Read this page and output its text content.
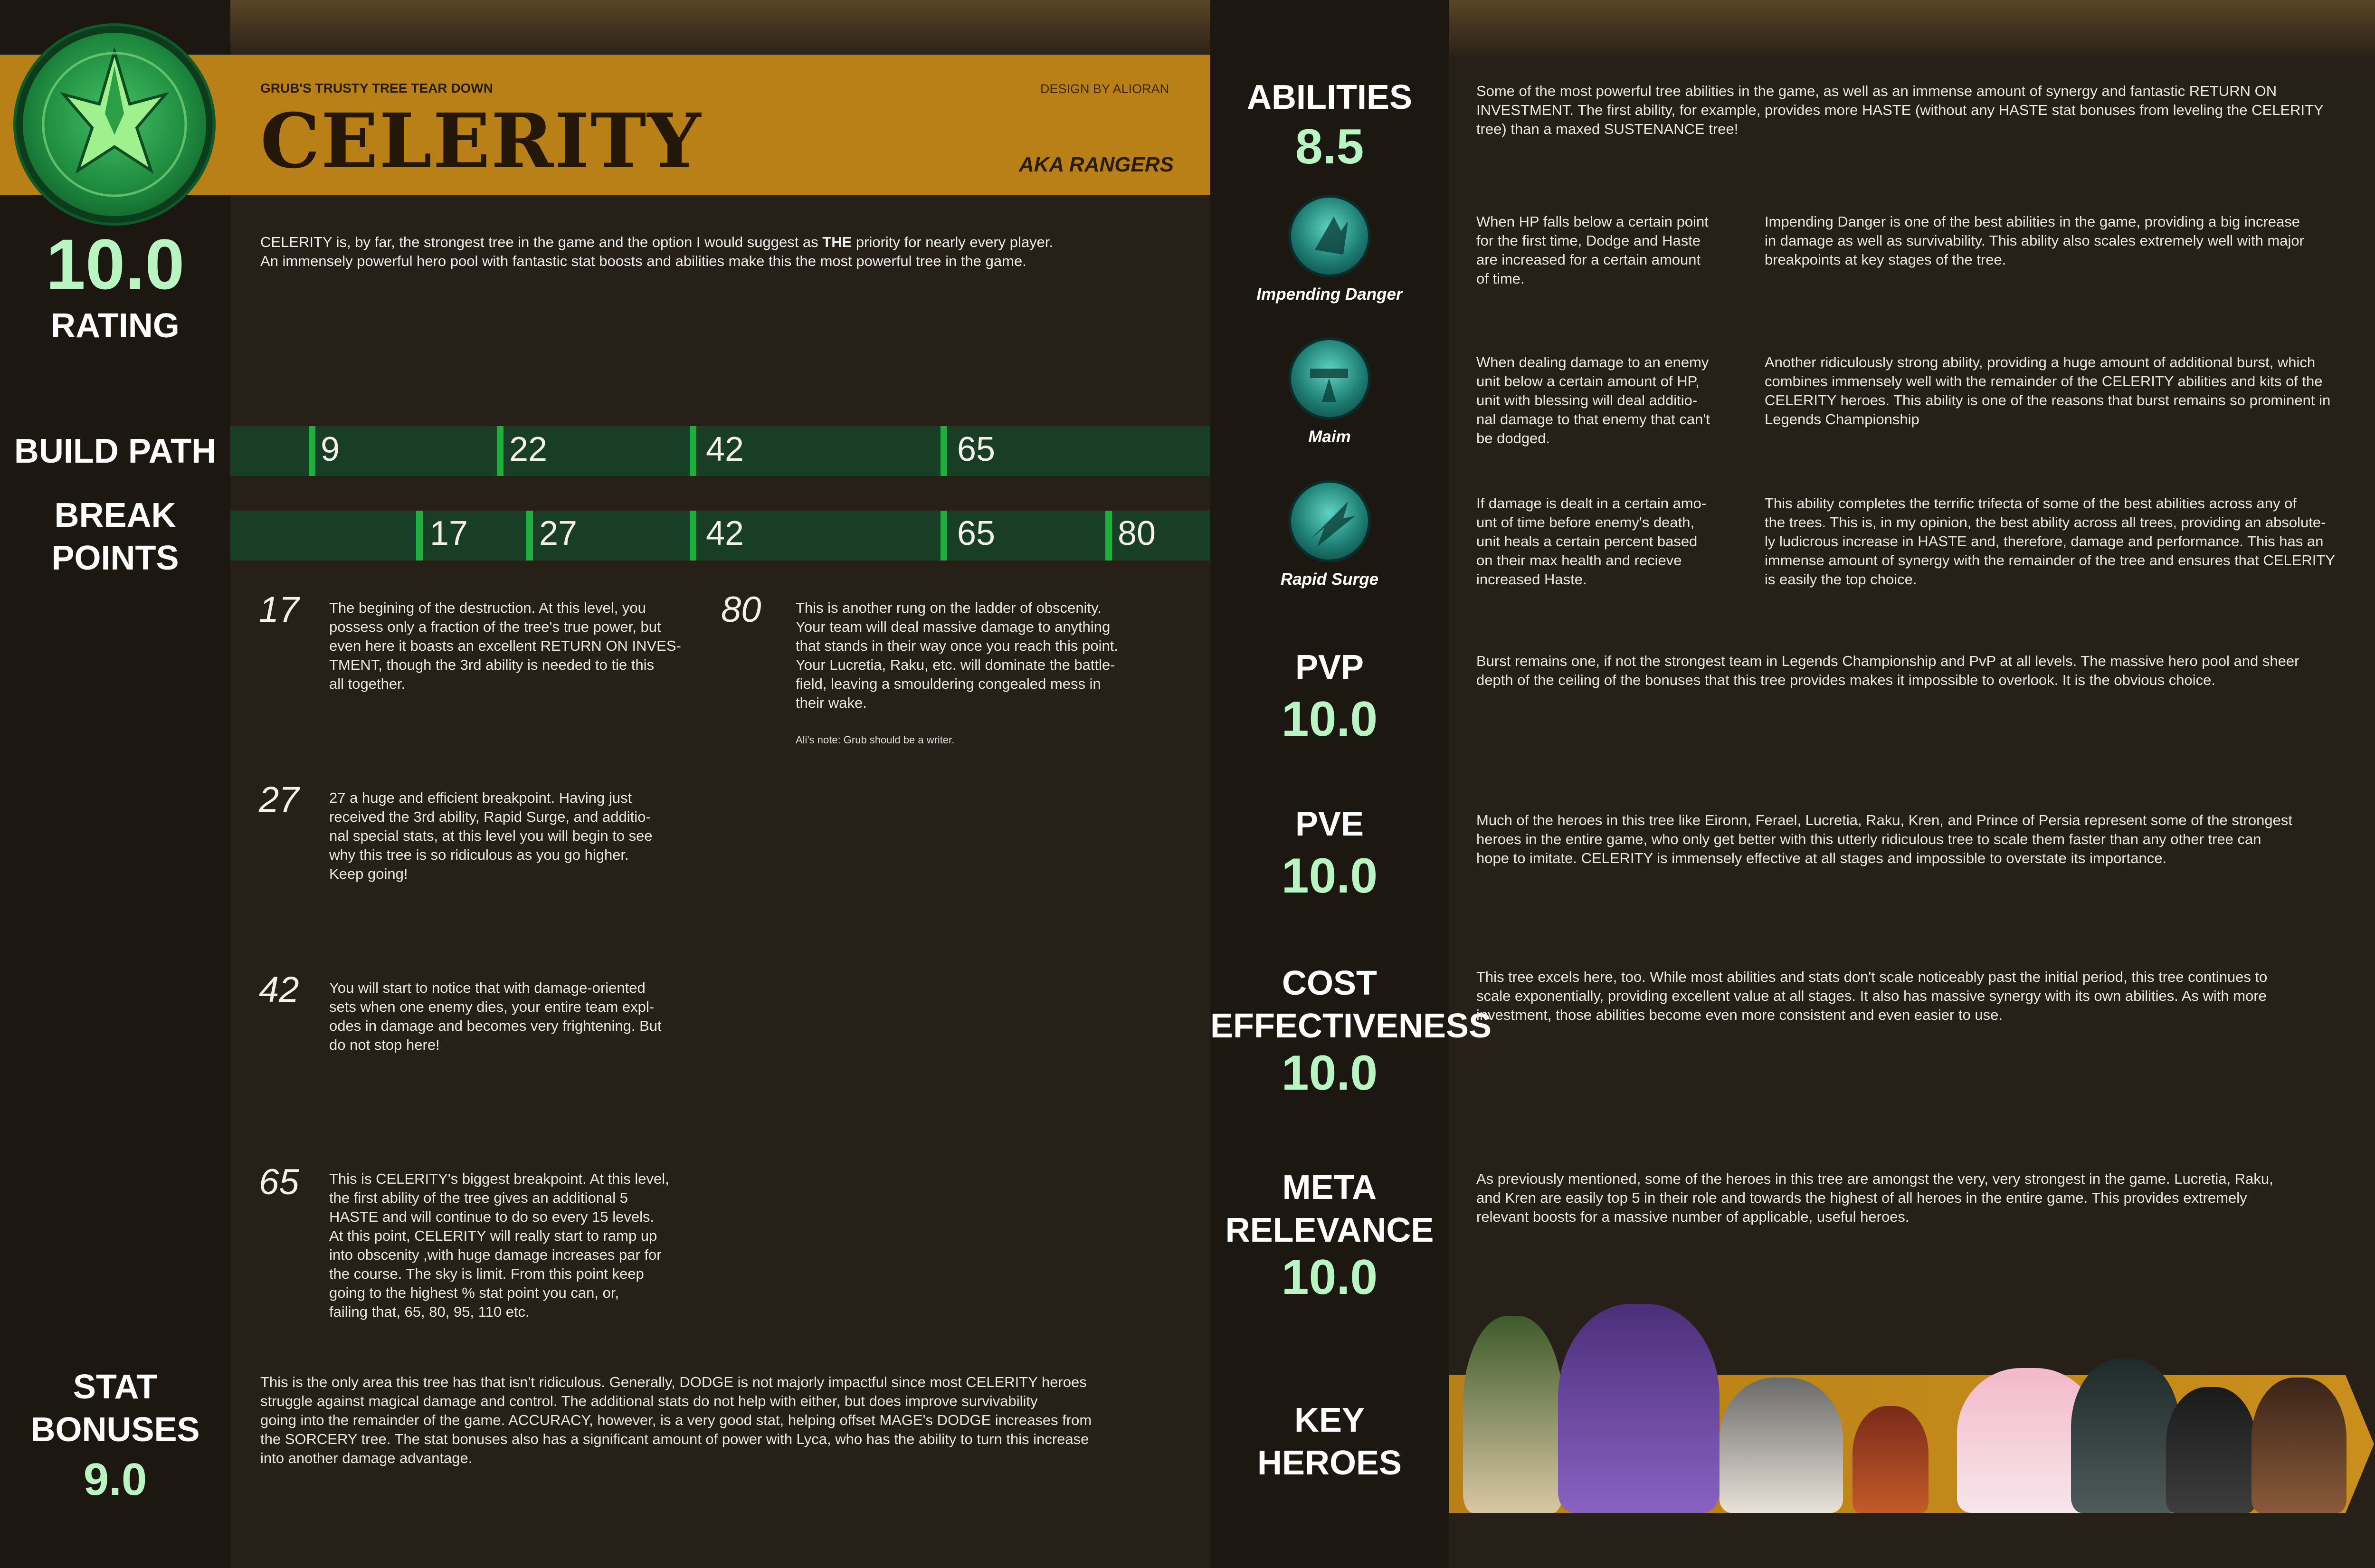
GRUB'S TRUSTY TREE TEAR DOWN	DESIGN BY ALIORAN
CELERITY	AKA RANGERS
10.0
RATING
CELERITY is, by far, the strongest tree in the game and the option I would suggest as THE priority for nearly every player.
An immensely powerful hero pool with fantastic stat boosts and abilities make this the most powerful tree in the game.
BUILD PATH	9	22	42	65
BREAK
POINTS
17 27	42	65	80
17 The begining of the destruction. At this level, you
possess only a fraction of the tree's true power, but
even here it boasts an excellent RETURN ON INVES-
TMENT, though the 3rd ability is needed to tie this
all together.
80 This is another rung on the ladder of obscenity.
Your team will deal massive damage to anything
that stands in their way once you reach this point.
Your Lucretia, Raku, etc. will dominate the battle-
field, leaving a smouldering congealed mess in
their wake.
Ali's note: Grub should be a writer.
27 27 a huge and efficient breakpoint. Having just
received the 3rd ability, Rapid Surge, and additio-
nal special stats, at this level you will begin to see
why this tree is so ridiculous as you go higher.
Keep going!
42 You will start to notice that with damage-oriented
sets when one enemy dies, your entire team expl-
odes in damage and becomes very frightening. But
do not stop here!
65 This is CELERITY's biggest breakpoint. At this level,
the first ability of the tree gives an additional 5
HASTE and will continue to do so every 15 levels.
At this point, CELERITY will really start to ramp up
into obscenity ,with huge damage increases par for
the course. The sky is limit. From this point keep
going to the highest % stat point you can, or,
failing that, 65, 80, 95, 110 etc.
STAT
BONUSES
9.0
This is the only area this tree has that isn't ridiculous. Generally, DODGE is not majorly impactful since most CELERITY heroes
struggle against magical damage and control. The additional stats do not help with either, but does improve survivability
going into the remainder of the game. ACCURACY, however, is a very good stat, helping offset MAGE's DODGE increases from
the SORCERY tree. The stat bonuses also has a significant amount of power with Lyca, who has the ability to turn this increase
into another damage advantage.
ABILITIES
8.5
Some of the most powerful tree abilities in the game, as well as an immense amount of synergy and fantastic RETURN ON
INVESTMENT. The first ability, for example, provides more HASTE (without any HASTE stat bonuses from leveling the CELERITY
tree) than a maxed SUSTENANCE tree!
Impending Danger
When HP falls below a certain point
for the first time, Dodge and Haste
are increased for a certain amount
of time.
Impending Danger is one of the best abilities in the game, providing a big increase
in damage as well as survivability. This ability also scales extremely well with major
breakpoints at key stages of the tree.
Maim
When dealing damage to an enemy
unit below a certain amount of HP,
unit with blessing will deal additio-
nal damage to that enemy that can't
be dodged.
Another ridiculously strong ability, providing a huge amount of additional burst, which
combines immensely well with the remainder of the CELERITY abilities and kits of the
CELERITY heroes. This ability is one of the reasons that burst remains so prominent in
Legends Championship
Rapid Surge
If damage is dealt in a certain amo-
unt of time before enemy's death,
unit heals a certain percent based
on their max health and recieve
increased Haste.
This ability completes the terrific trifecta of some of the best abilities across any of
the trees. This is, in my opinion, the best ability across all trees, providing an absolute-
ly ludicrous increase in HASTE and, therefore, damage and performance. This has an
immense amount of synergy with the remainder of the tree and ensures that CELERITY
is easily the top choice.
PVP
10.0
Burst remains one, if not the strongest team in Legends Championship and PvP at all levels. The massive hero pool and sheer
depth of the ceiling of the bonuses that this tree provides makes it impossible to overlook. It is the obvious choice.
PVE
10.0
Much of the heroes in this tree like Eironn, Ferael, Lucretia, Raku, Kren, and Prince of Persia represent some of the strongest
heroes in the entire game, who only get better with this utterly ridiculous tree to scale them faster than any other tree can
hope to imitate. CELERITY is immensely effective at all stages and impossible to overstate its importance.
COST
EFFECTIVENESS
10.0
This tree excels here, too. While most abilities and stats don't scale noticeably past the initial period, this tree continues to
scale exponentially, providing excellent value at all stages. It also has massive synergy with its own abilities. As with more
investment, those abilities become even more consistent and even easier to use.
META
RELEVANCE
10.0
As previously mentioned, some of the heroes in this tree are amongst the very, very strongest in the game. Lucretia, Raku,
and Kren are easily top 5 in their role and towards the highest of all heroes in the entire game. This provides extremely
relevant boosts for a massive number of applicable, useful heroes.
KEY
HEROES
